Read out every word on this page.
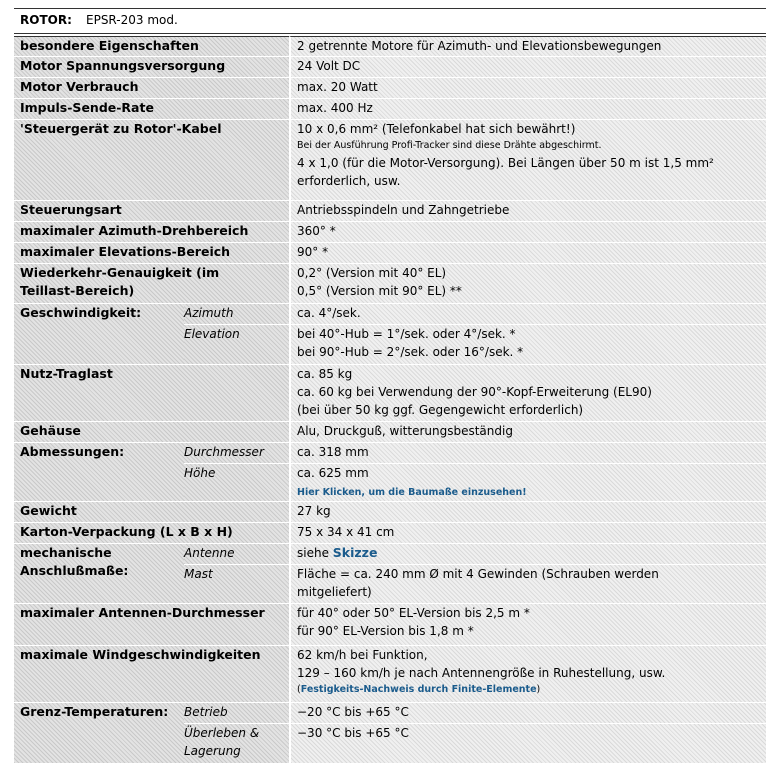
ROTOR: EPSR-203 mod.
besondere Eigenschaften		2 getrennte Motore für Azimuth- und Elevationsbewegungen
Motor Spannungsversorgung		24 Volt DC
Motor Verbrauch		max. 20 Watt
Impuls-Sende-Rate		max. 400 Hz
'Steuergerät zu Rotor'-Kabel		10 x 0,6 mm² (Telefonkabel hat sich bewährt!)
Bei der Ausführung Profi-Tracker sind diese Drähte abgeschirmt.
4 x 1,0 (für die Motor-Versorgung). Bei Längen über 50 m ist 1,5 mm²
erforderlich, usw.

Steuerungsart		Antriebsspindeln und Zahngetriebe
maximaler Azimuth-Drehbereich		360° *
maximaler Elevations-Bereich		90° *

Wiederkehr-Genauigkeit (im
Teillast-Bereich)		0,2° (Version mit 40° EL)
0,5° (Version mit 90° EL) **

Geschwindigkeit:	Azimuth	ca. 4°/sek.
	Elevation	bei 40°-Hub = 1°/sek. oder 4°/sek. *
bei 90°-Hub = 2°/sek. oder 16°/sek. *

Nutz-Traglast		ca. 85 kg
ca. 60 kg bei Verwendung der 90°-Kopf-Erweiterung (EL90)
(bei über 50 kg ggf. Gegengewicht erforderlich)

Gehäuse		Alu, Druckguß, witterungsbeständig
Abmessungen:	Durchmesser	ca. 318 mm
	Höhe	ca. 625 mm
Hier Klicken, um die Baumaße einzusehen!
Gewicht		27 kg
Karton-Verpackung (L x B x H)		75 x 34 x 41 cm

mechanische
Anschlußmaße:	Antenne	siehe Skizze
	Mast	Fläche = ca. 240 mm Ø mit 4 Gewinden (Schrauben werden
mitgeliefert)

maximaler Antennen-Durchmesser		für 40° oder 50° EL-Version bis 2,5 m *
für 90° EL-Version bis 1,8 m *

maximale Windgeschwindigkeiten		62 km/h bei Funktion,
129 – 160 km/h je nach Antennengröße in Ruhestellung, usw.
(Festigkeits-Nachweis durch Finite-Elemente)

Grenz-Temperaturen:	Betrieb	−20 °C bis +65 °C

	Überleben &
Lagerung	−30 °C bis +65 °C
